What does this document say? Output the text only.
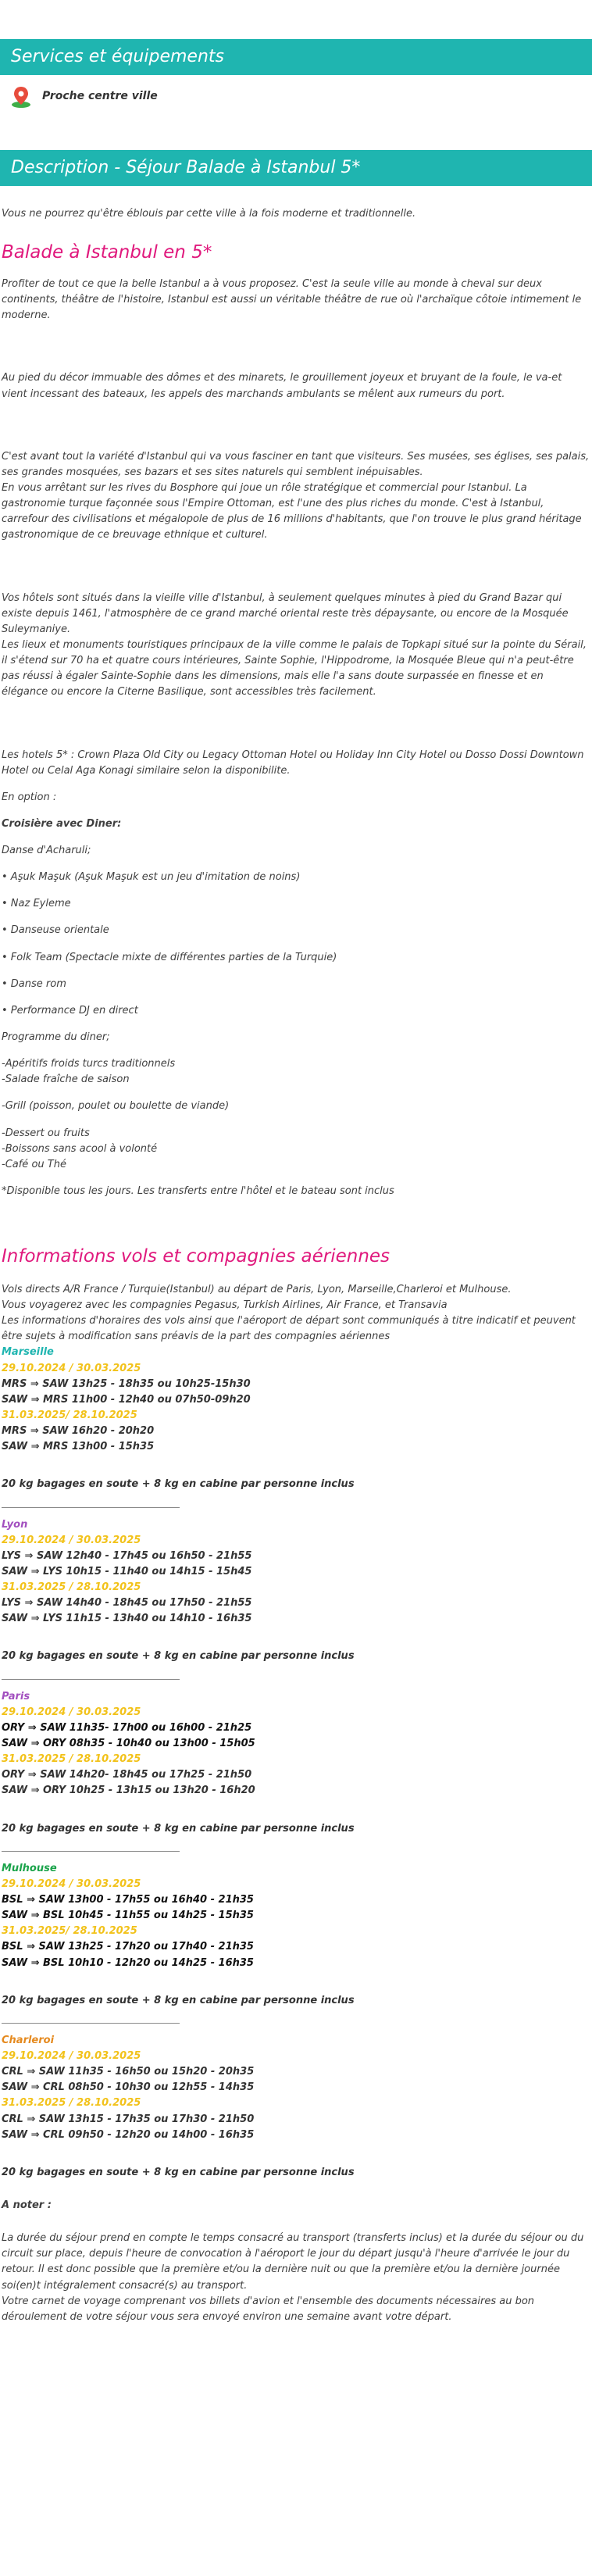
Services et équipements
Proche centre ville
Description - Séjour Balade à Istanbul 5*

Vous ne pourrez qu'être éblouis par cette ville à la fois moderne et traditionnelle.

Balade à Istanbul en 5*

Profiter de tout ce que la belle Istanbul a à vous proposez. C'est la seule ville au monde à cheval sur deux continents, théâtre de l'histoire, Istanbul est aussi un véritable théâtre de rue où l'archaïque côtoie intimement le moderne.

Au pied du décor immuable des dômes et des minarets, le grouillement joyeux et bruyant de la foule, le va-et vient incessant des bateaux, les appels des marchands ambulants se mêlent aux rumeurs du port.

C'est avant tout la variété d'Istanbul qui va vous fasciner en tant que visiteurs. Ses musées, ses églises, ses palais, ses grandes mosquées, ses bazars et ses sites naturels qui semblent inépuisables.
En vous arrêtant sur les rives du Bosphore qui joue un rôle stratégique et commercial pour Istanbul. La gastronomie turque façonnée sous l'Empire Ottoman, est l'une des plus riches du monde. C'est à Istanbul, carrefour des civilisations et mégalopole de plus de 16 millions d'habitants, que l'on trouve le plus grand héritage gastronomique de ce breuvage ethnique et culturel.

Vos hôtels sont situés dans la vieille ville d'Istanbul, à seulement quelques minutes à pied du Grand Bazar qui existe depuis 1461, l'atmosphère de ce grand marché oriental reste très dépaysante, ou encore de la Mosquée Suleymaniye.
Les lieux et monuments touristiques principaux de la ville comme le palais de Topkapi situé sur la pointe du Sérail, il s'étend sur 70 ha et quatre cours intérieures, Sainte Sophie, l'Hippodrome, la Mosquée Bleue qui n'a peut-être pas réussi à égaler Sainte-Sophie dans les dimensions, mais elle l'a sans doute surpassée en finesse et en élégance ou encore la Citerne Basilique, sont accessibles très facilement.

Les hotels 5* : Crown Plaza Old City ou Legacy Ottoman Hotel ou Holiday Inn City Hotel ou Dosso Dossi Downtown Hotel ou Celal Aga Konagi similaire selon la disponibilite.

En option :

Croisière avec Diner:

Danse d'Acharuli;

• Aşuk Maşuk (Aşuk Maşuk est un jeu d'imitation de noins)

• Naz Eyleme

• Danseuse orientale

• Folk Team (Spectacle mixte de différentes parties de la Turquie)

• Danse rom

• Performance DJ en direct

Programme du diner;

-Apéritifs froids turcs traditionnels
-Salade fraîche de saison

-Grill (poisson, poulet ou boulette de viande)

-Dessert ou fruits
-Boissons sans acool à volonté
-Café ou Thé

*Disponible tous les jours. Les transferts entre l'hôtel et le bateau sont inclus

Informations vols et compagnies aériennes

Vols directs A/R France / Turquie(Istanbul) au départ de Paris, Lyon, Marseille,Charleroi et Mulhouse.
Vous voyagerez avec les compagnies Pegasus, Turkish Airlines, Air France, et Transavia
Les informations d'horaires des vols ainsi que l'aéroport de départ sont communiqués à titre indicatif et peuvent être sujets à modification sans préavis de la part des compagnies aériennes

Marseille

29.10.2024 / 30.03.2025

MRS ⇒ SAW 13h25 - 18h35 ou 10h25-15h30

SAW ⇒ MRS 11h00 - 12h40 ou 07h50-09h20

31.03.2025/ 28.10.2025

MRS ⇒ SAW 16h20 - 20h20

SAW ⇒ MRS 13h00 - 15h35

20 kg bagages en soute + 8 kg en cabine par personne inclus

Lyon

29.10.2024 / 30.03.2025

LYS ⇒ SAW 12h40 - 17h45 ou 16h50 - 21h55

SAW ⇒ LYS 10h15 - 11h40 ou 14h15 - 15h45

31.03.2025 / 28.10.2025

LYS ⇒ SAW 14h40 - 18h45 ou 17h50 - 21h55

SAW ⇒ LYS 11h15 - 13h40 ou 14h10 - 16h35

20 kg bagages en soute + 8 kg en cabine par personne inclus

Paris

29.10.2024 / 30.03.2025

ORY ⇒ SAW 11h35- 17h00 ou 16h00 - 21h25

SAW ⇒ ORY 08h35 - 10h40 ou 13h00 - 15h05

31.03.2025 / 28.10.2025

ORY ⇒ SAW 14h20- 18h45 ou 17h25 - 21h50

SAW ⇒ ORY 10h25 - 13h15 ou 13h20 - 16h20

20 kg bagages en soute + 8 kg en cabine par personne inclus

Mulhouse

29.10.2024 / 30.03.2025

BSL ⇒ SAW 13h00 - 17h55 ou 16h40 - 21h35

SAW ⇒ BSL 10h45 - 11h55 ou 14h25 - 15h35

31.03.2025/ 28.10.2025

BSL ⇒ SAW 13h25 - 17h20 ou 17h40 - 21h35

SAW ⇒ BSL 10h10 - 12h20 ou 14h25 - 16h35

20 kg bagages en soute + 8 kg en cabine par personne inclus

Charleroi

29.10.2024 / 30.03.2025

CRL ⇒ SAW 11h35 - 16h50 ou 15h20 - 20h35

SAW ⇒ CRL 08h50 - 10h30 ou 12h55 - 14h35

31.03.2025 / 28.10.2025

CRL ⇒ SAW 13h15 - 17h35 ou 17h30 - 21h50

SAW ⇒ CRL 09h50 - 12h20 ou 14h00 - 16h35

20 kg bagages en soute + 8 kg en cabine par personne inclus

A noter :

La durée du séjour prend en compte le temps consacré au transport (transferts inclus) et la durée du séjour ou du circuit sur place, depuis l'heure de convocation à l'aéroport le jour du départ jusqu'à l'heure d'arrivée le jour du retour. Il est donc possible que la première et/ou la dernière nuit ou que la première et/ou la dernière journée soi(en)t intégralement consacré(s) au transport.
Votre carnet de voyage comprenant vos billets d'avion et l'ensemble des documents nécessaires au bon déroulement de votre séjour vous sera envoyé environ une semaine avant votre départ.
